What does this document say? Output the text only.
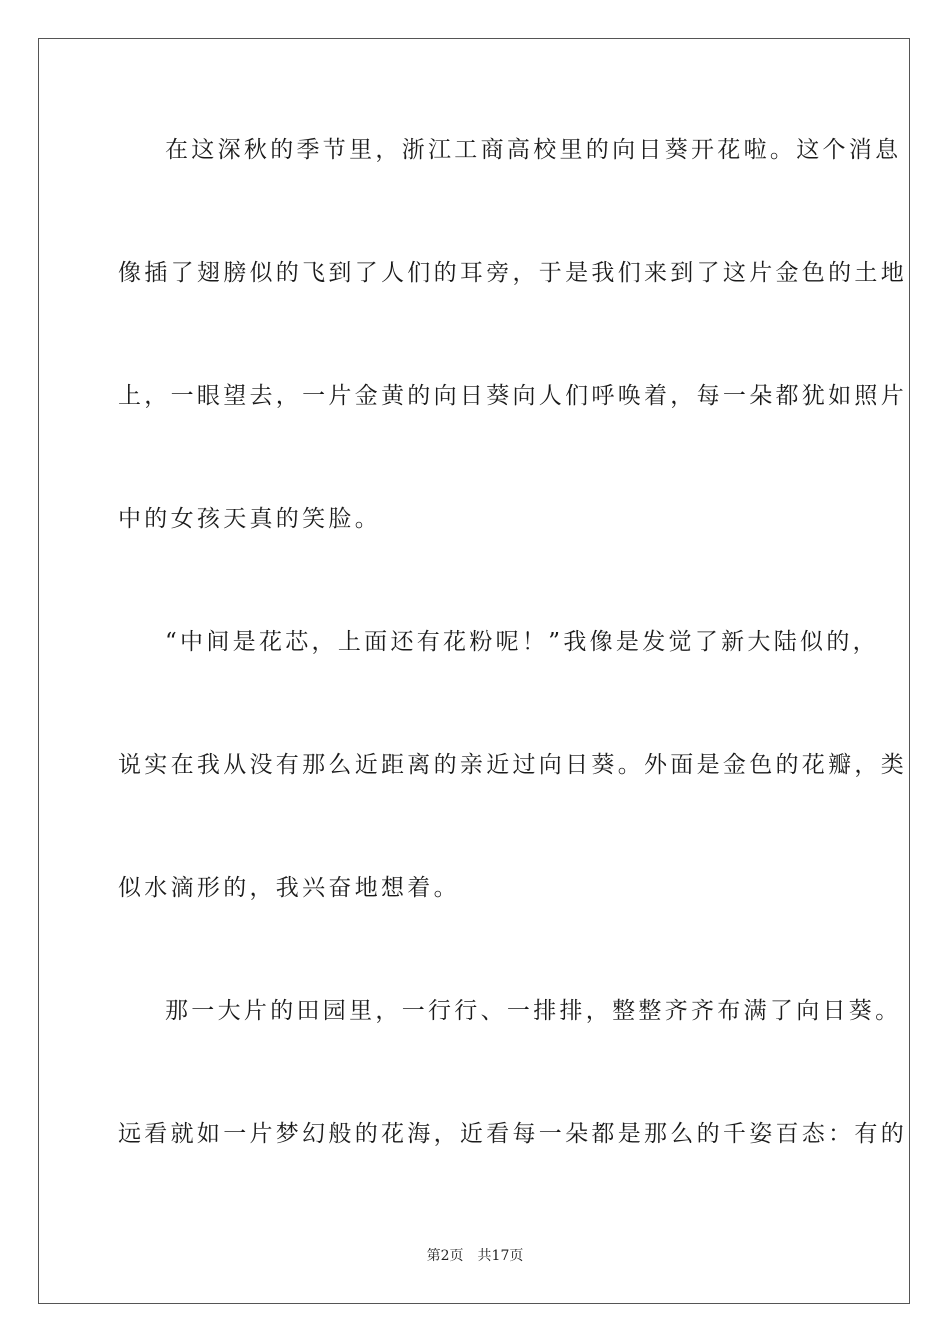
在这深秋的季节里，浙江工商高校里的向日葵开花啦。这个消息
像插了翅膀似的飞到了人们的耳旁，于是我们来到了这片金色的土地
上，一眼望去，一片金黄的向日葵向人们呼唤着，每一朵都犹如照片
中的女孩天真的笑脸。
“中间是花芯，上面还有花粉呢！”我像是发觉了新大陆似的，
说实在我从没有那么近距离的亲近过向日葵。外面是金色的花瓣，类
似水滴形的，我兴奋地想着。
那一大片的田园里，一行行、一排排，整整齐齐布满了向日葵。
远看就如一片梦幻般的花海，近看每一朵都是那么的千姿百态：有的
第2页 共17页
